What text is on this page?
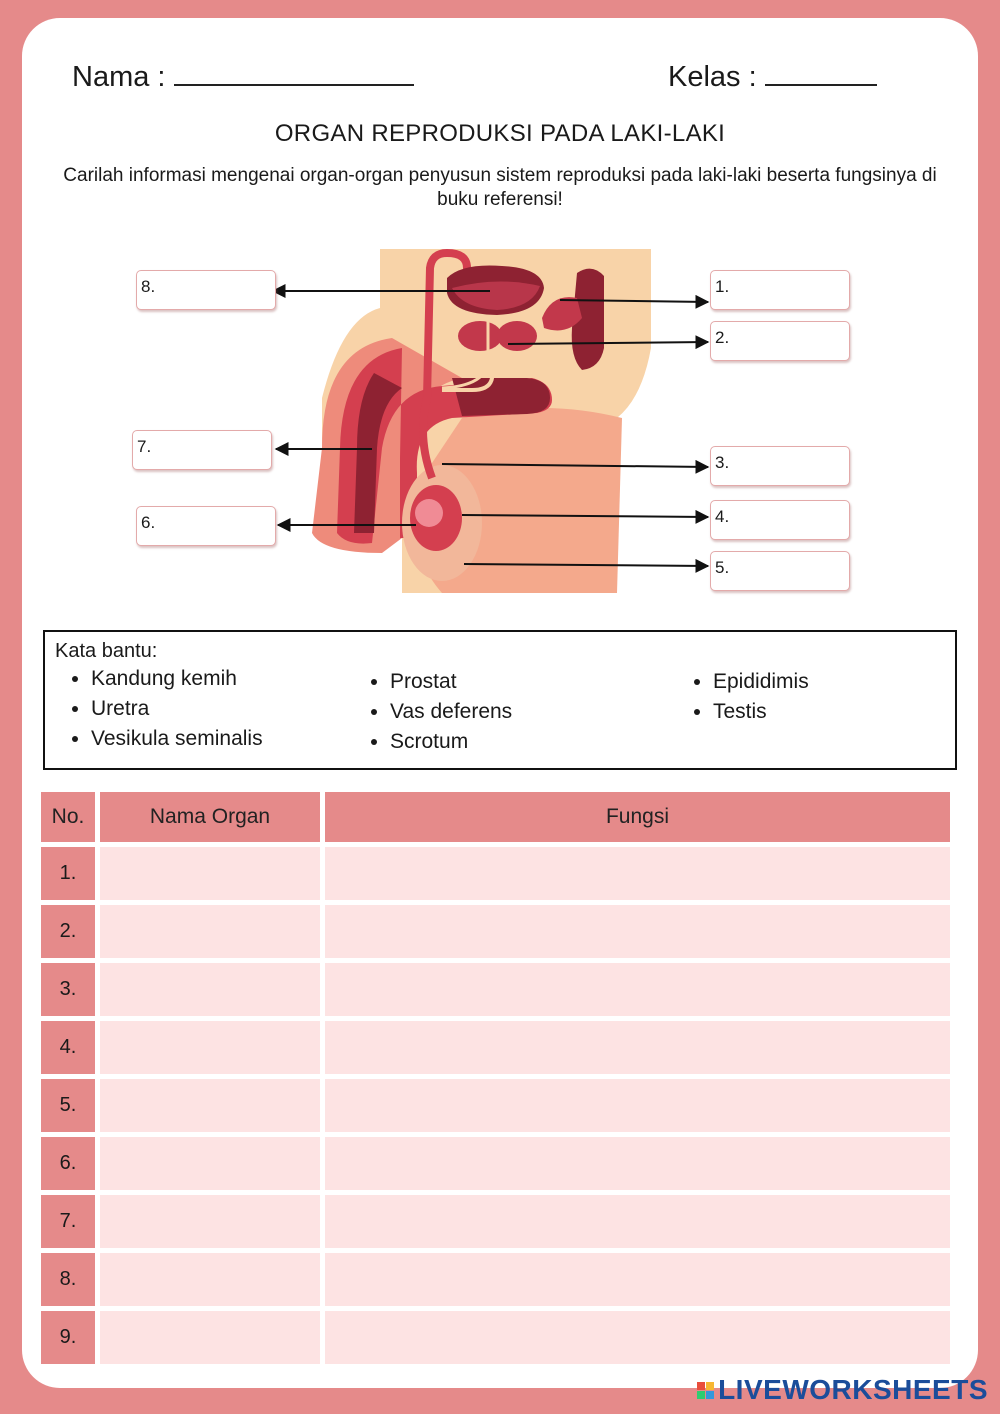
Nama :	Kelas :
ORGAN REPRODUKSI PADA LAKI-LAKI
Carilah informasi mengenai organ-organ penyusun sistem reproduksi pada laki-laki beserta fungsinya di buku referensi!
1.
2.
3.
4.
5.
6.
7.
8.
Kata bantu:
• Kandung kemih
• Uretra
• Vesikula seminalis
• Prostat
• Vas deferens
• Scrotum
• Epididimis
• Testis
No.	Nama Organ	Fungsi
1.		
2.		
3.		
4.		
5.		
6.		
7.		
8.		
9.		
LIVEWORKSHEETS
